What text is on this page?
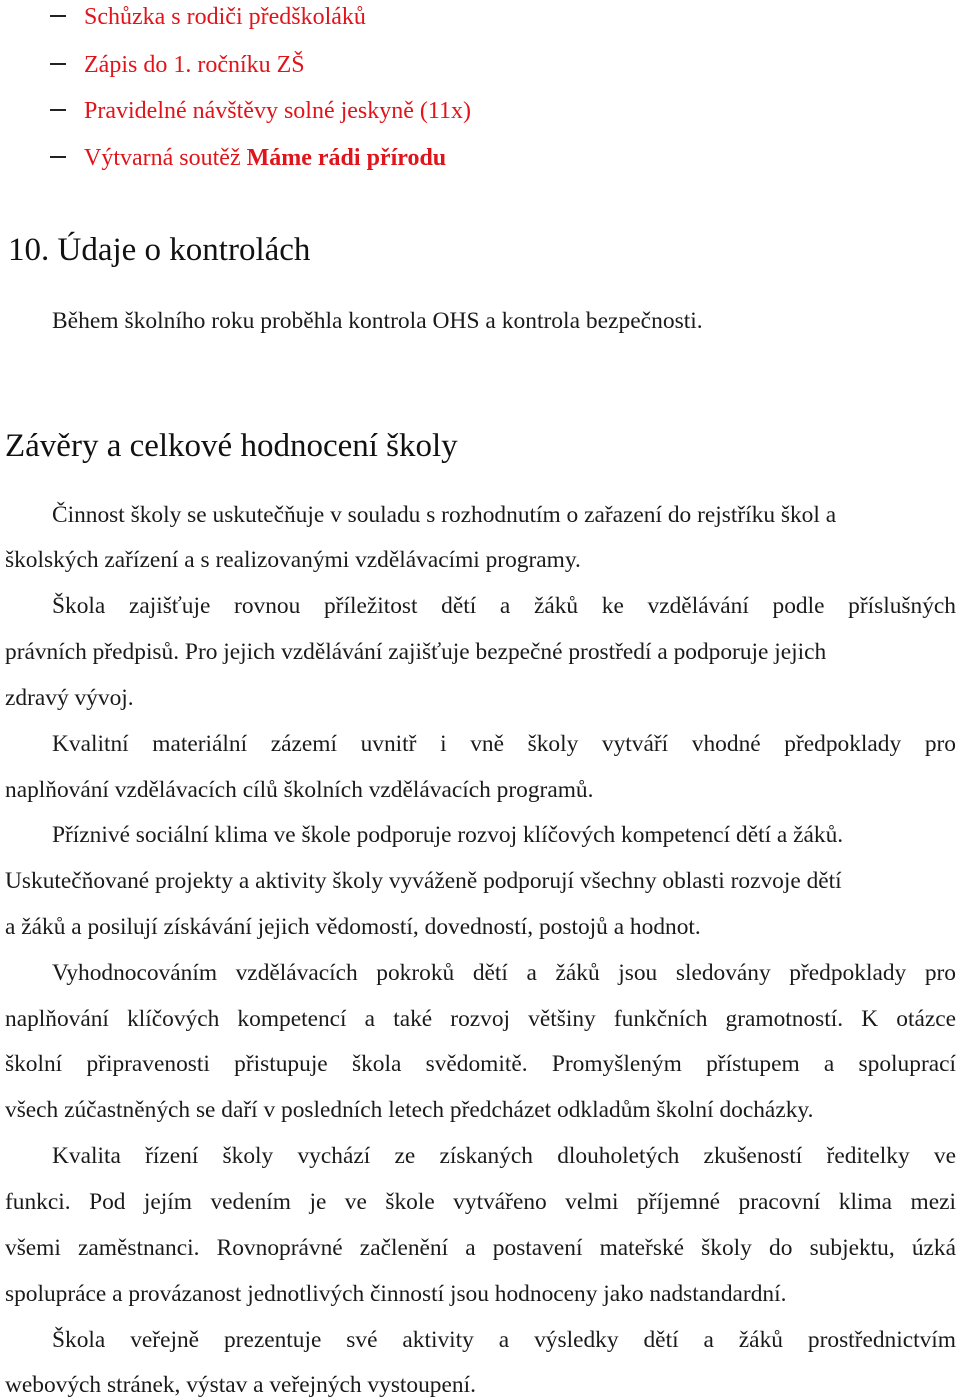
Schůzka s rodiči předškoláků
Zápis do 1. ročníku ZŠ
Pravidelné návštěvy solné jeskyně (11x)
Výtvarná soutěž Máme rádi přírodu
10. Údaje o kontrolách
Během školního roku proběhla kontrola OHS a kontrola bezpečnosti.
Závěry a celkové hodnocení školy
Činnost školy se uskutečňuje v souladu s rozhodnutím o zařazení do rejstříku škol a
školských zařízení a s realizovanými vzdělávacími programy.
Škola zajišťuje rovnou příležitost dětí a žáků ke vzdělávání podle příslušných
právních předpisů. Pro jejich vzdělávání zajišťuje bezpečné prostředí a podporuje jejich
zdravý vývoj.
Kvalitní materiální zázemí uvnitř i vně školy vytváří vhodné předpoklady pro
naplňování vzdělávacích cílů školních vzdělávacích programů.
Příznivé sociální klima ve škole podporuje rozvoj klíčových kompetencí dětí a žáků.
Uskutečňované projekty a aktivity školy vyváženě podporují všechny oblasti rozvoje dětí
a žáků a posilují získávání jejich vědomostí, dovedností, postojů a hodnot.
Vyhodnocováním vzdělávacích pokroků dětí a žáků jsou sledovány předpoklady pro
naplňování klíčových kompetencí a také rozvoj většiny funkčních gramotností. K otázce
školní připravenosti přistupuje škola svědomitě. Promyšleným přístupem a spoluprací
všech zúčastněných se daří v posledních letech předcházet odkladům školní docházky.
Kvalita řízení školy vychází ze získaných dlouholetých zkušeností ředitelky ve
funkci. Pod jejím vedením je ve škole vytvářeno velmi příjemné pracovní klima mezi
všemi zaměstnanci. Rovnoprávné začlenění a postavení mateřské školy do subjektu, úzká
spolupráce a provázanost jednotlivých činností jsou hodnoceny jako nadstandardní.
Škola veřejně prezentuje své aktivity a výsledky dětí a žáků prostřednictvím
webových stránek, výstav a veřejných vystoupení.
